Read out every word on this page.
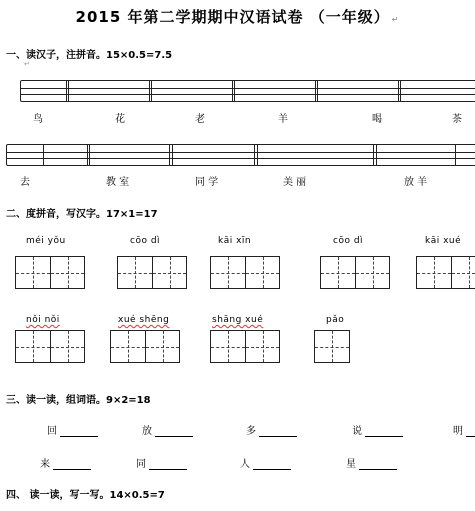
2015 年第二学期期中汉语试卷 （一年级） ↵
一、读汉子，注拼音。15×0.5=7.5
↵
鸟	花	老	羊	喝	茶
去	教 室	同 学	美 丽	放 羊
二、度拼音，写汉字。17×1=17
méi yǒu	cōo dì	kāi xīn	cōo dì	kāi xué
nǒi nǒi	xué shēng	shāng xué	pǎo
三、读一读，组词语。9×2=18
回	放	多	说	明
来	同	人	星
四、 读一读，写一写。14×0.5=7
